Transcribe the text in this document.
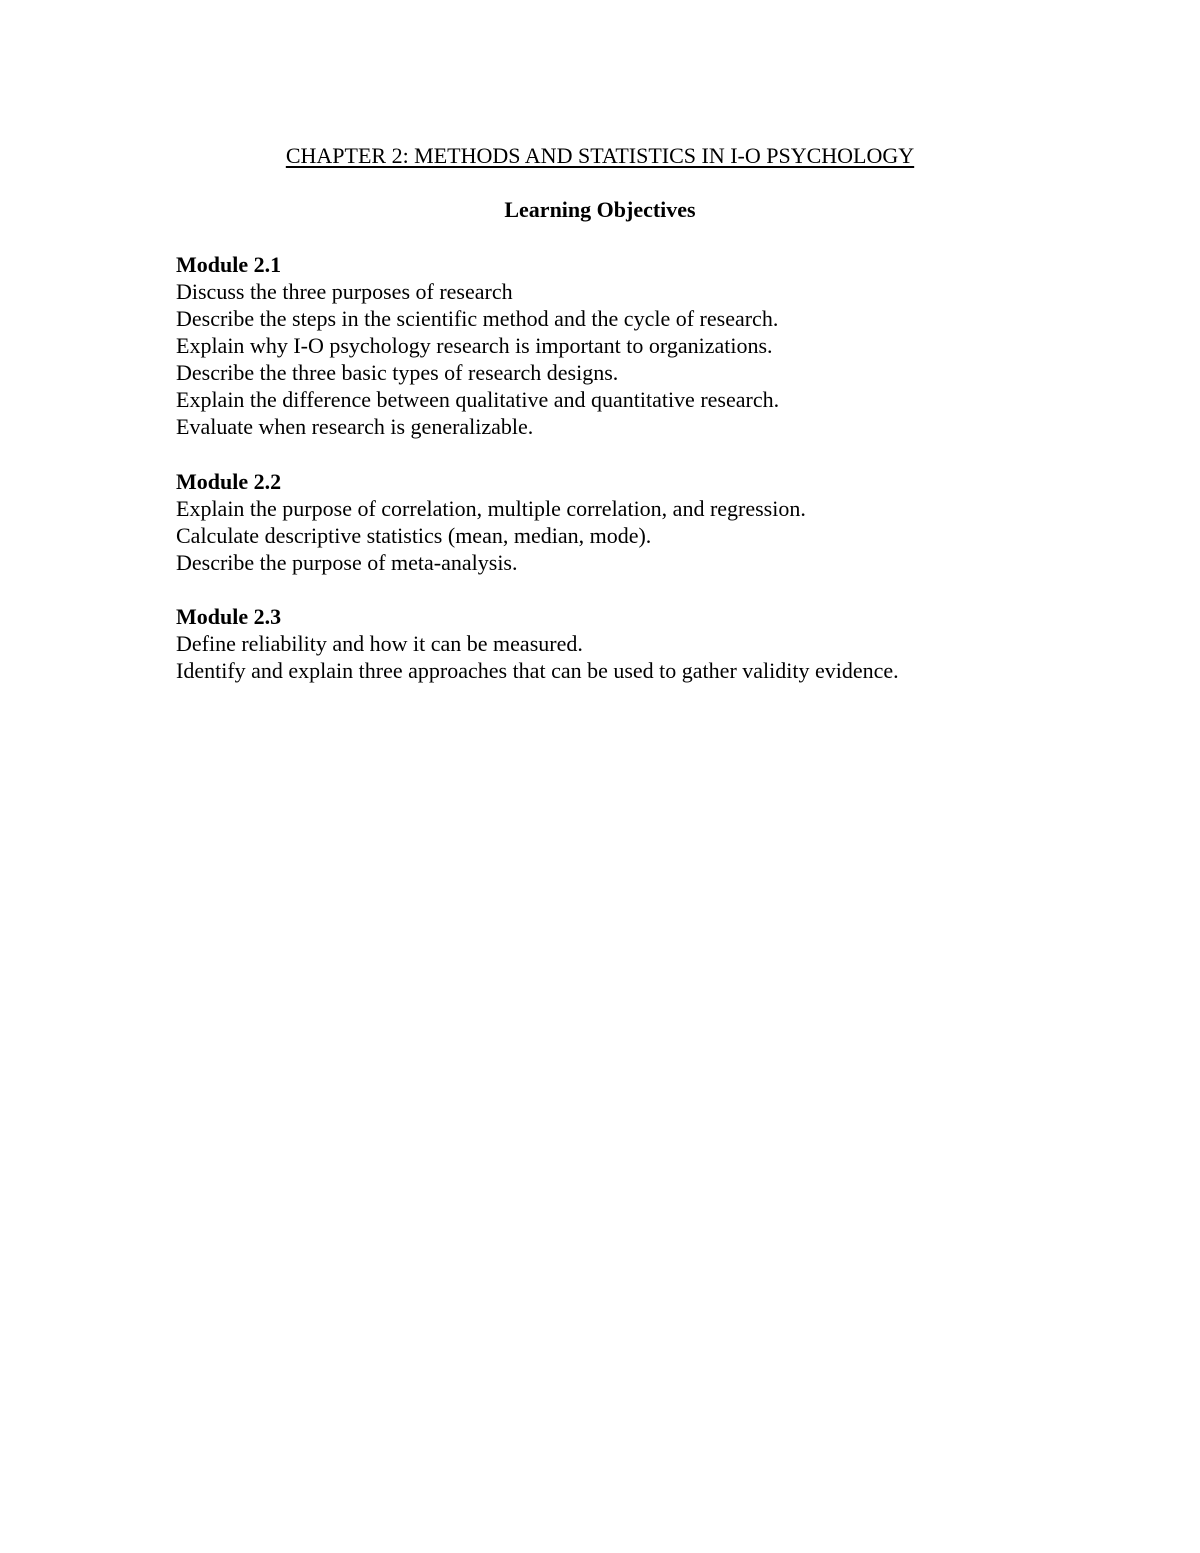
CHAPTER 2: METHODS AND STATISTICS IN I-O PSYCHOLOGY
Learning Objectives
Module 2.1
Discuss the three purposes of research
Describe the steps in the scientific method and the cycle of research.
Explain why I-O psychology research is important to organizations.
Describe the three basic types of research designs.
Explain the difference between qualitative and quantitative research.
Evaluate when research is generalizable.
Module 2.2
Explain the purpose of correlation, multiple correlation, and regression.
Calculate descriptive statistics (mean, median, mode).
Describe the purpose of meta-analysis.
Module 2.3
Define reliability and how it can be measured.
Identify and explain three approaches that can be used to gather validity evidence.
